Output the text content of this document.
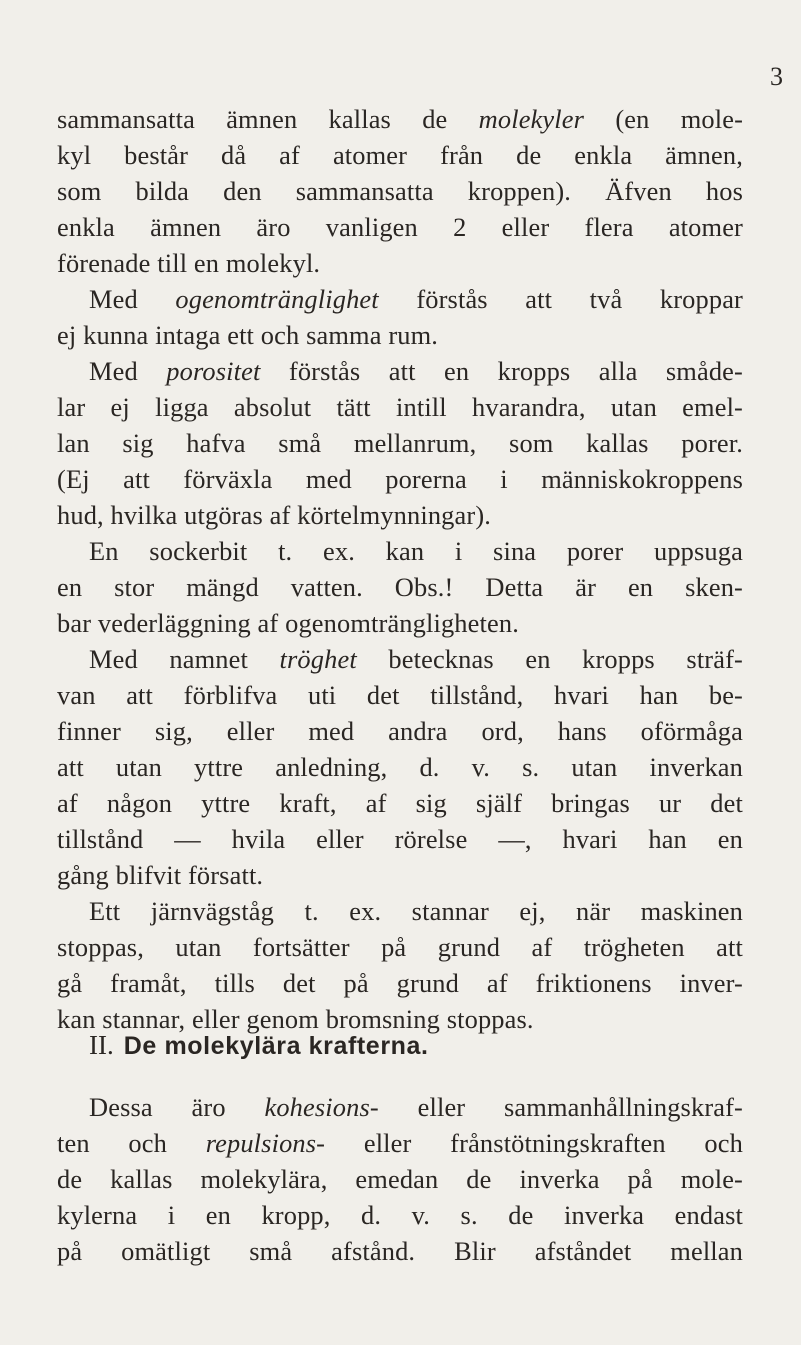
3
sammansatta ämnen kallas de molekyler (en mole-
kyl består då af atomer från de enkla ämnen,
som bilda den sammansatta kroppen). Äfven hos
enkla ämnen äro vanligen 2 eller flera atomer
förenade till en molekyl.
Med ogenomtränglighet förstås att två kroppar
ej kunna intaga ett och samma rum.
Med porositet förstås att en kropps alla småde-
lar ej ligga absolut tätt intill hvarandra, utan emel-
lan sig hafva små mellanrum, som kallas porer.
(Ej att förväxla med porerna i människokroppens
hud, hvilka utgöras af körtelmynningar).
En sockerbit t. ex. kan i sina porer uppsuga
en stor mängd vatten. Obs.! Detta är en sken-
bar vederläggning af ogenomträngligheten.
Med namnet tröghet betecknas en kropps sträf-
van att förblifva uti det tillstånd, hvari han be-
finner sig, eller med andra ord, hans oförmåga
att utan yttre anledning, d. v. s. utan inverkan
af någon yttre kraft, af sig själf bringas ur det
tillstånd — hvila eller rörelse —, hvari han en
gång blifvit försatt.
Ett järnvägståg t. ex. stannar ej, när maskinen
stoppas, utan fortsätter på grund af trögheten att
gå framåt, tills det på grund af friktionens inver-
kan stannar, eller genom bromsning stoppas.
II. De molekylära krafterna.
Dessa äro kohesions- eller sammanhållningskraf-
ten och repulsions- eller frånstötningskraften och
de kallas molekylära, emedan de inverka på mole-
kylerna i en kropp, d. v. s. de inverka endast
på omätligt små afstånd. Blir afståndet mellan
